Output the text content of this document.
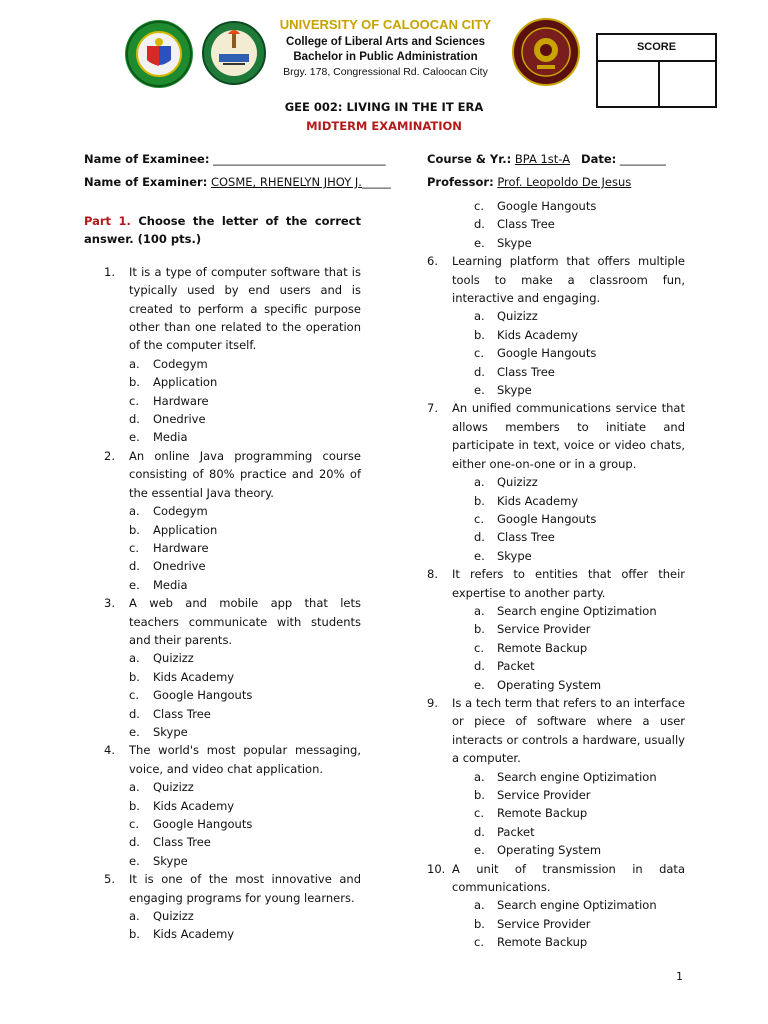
UNIVERSITY OF CALOOCAN CITY
College of Liberal Arts and Sciences
Bachelor in Public Administration
Brgy. 178, Congressional Rd. Caloocan City
SCORE
GEE 002: LIVING IN THE IT ERA
MIDTERM EXAMINATION
Name of Examinee: ______________________________	Course & Yr.: BPA 1st-A Date: ________
Name of Examiner: COSME, RHENELYN JHOY J._____	Professor: Prof. Leopoldo De Jesus

Part 1. Choose the letter of the correct answer. (100 pts.)

1. It is a type of computer software that is typically used by end users and is created to perform a specific purpose other than one related to the operation of the computer itself.
a. Codegym
b. Application
c. Hardware
d. Onedrive
e. Media
2. An online Java programming course consisting of 80% practice and 20% of the essential Java theory.
a. Codegym
b. Application
c. Hardware
d. Onedrive
e. Media
3. A web and mobile app that lets teachers communicate with students and their parents.
a. Quizizz
b. Kids Academy
c. Google Hangouts
d. Class Tree
e. Skype
4. The world's most popular messaging, voice, and video chat application.
a. Quizizz
b. Kids Academy
c. Google Hangouts
d. Class Tree
e. Skype
5. It is one of the most innovative and engaging programs for young learners.
a. Quizizz
b. Kids Academy
c. Google Hangouts
d. Class Tree
e. Skype
6. Learning platform that offers multiple tools to make a classroom fun, interactive and engaging.
a. Quizizz
b. Kids Academy
c. Google Hangouts
d. Class Tree
e. Skype
7. An unified communications service that allows members to initiate and participate in text, voice or video chats, either one-on-one or in a group.
a. Quizizz
b. Kids Academy
c. Google Hangouts
d. Class Tree
e. Skype
8. It refers to entities that offer their expertise to another party.
a. Search engine Optizimation
b. Service Provider
c. Remote Backup
d. Packet
e. Operating System
9. Is a tech term that refers to an interface or piece of software where a user interacts or controls a hardware, usually a computer.
a. Search engine Optizimation
b. Service Provider
c. Remote Backup
d. Packet
e. Operating System
10. A unit of transmission in data communications.
a. Search engine Optizimation
b. Service Provider
c. Remote Backup
1
